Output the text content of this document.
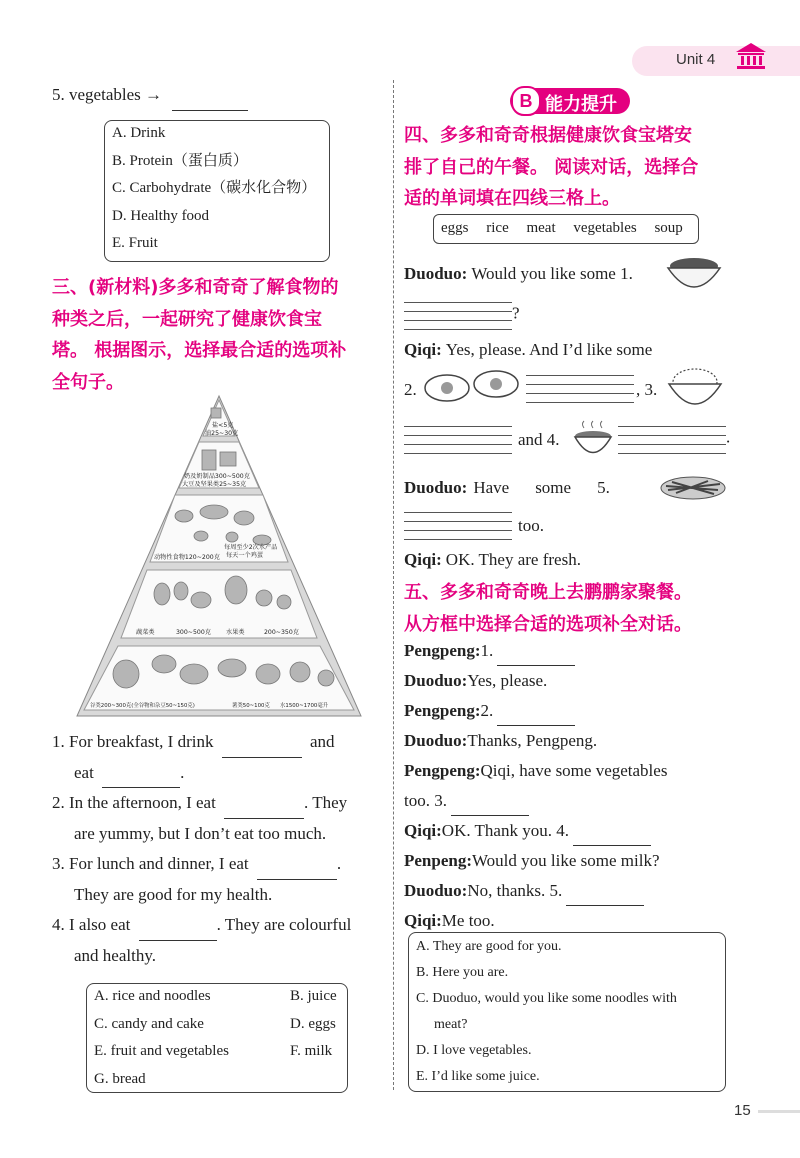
Unit 4
5. vegetables →
A. Drink
B. Protein（蛋白质）
C. Carbohydrate（碳水化合物）
D. Healthy food
E. Fruit
三、(新材料)多多和奇奇了解食物的
种类之后，一起研究了健康饮食宝
塔。 根据图示，选择最合适的选项补
全句子。
盐<5克
油25~30克
奶及奶制品300~500克
大豆及坚果类25~35克
动物性食物120~200克
每周至少2次水产品
每天一个鸡蛋
蔬菜类	300~500克 水果类	200~350克
谷类200~300克(全谷物和杂豆50~150克)	薯类50~100克 水1500~1700毫升
1. For breakfast, I drink	and
eat	.
2. In the afternoon, I eat	. They
are yummy, but I don’t eat too much.
3. For lunch and dinner, I eat	.
They are good for my health.
4. I also eat	. They are colourful
and healthy.
A. rice and noodles	B. juice
C. candy and cake	D. eggs
E. fruit and vegetables	F. milk
G. bread
B 能力提升
四、多多和奇奇根据健康饮食宝塔安
排了自己的午餐。 阅读对话，选择合
适的单词填在四线三格上。
eggs rice meat vegetables soup
Duoduo: Would you like some 1.
?
Qiqi: Yes, please. And I’d like some
2.	, 3.
and 4.	.
Duoduo: Have some 5.
too.
Qiqi: OK. They are fresh.
五、多多和奇奇晚上去鹏鹏家聚餐。
从方框中选择合适的选项补全对话。
Pengpeng:1.
Duoduo:Yes, please.
Pengpeng:2.
Duoduo:Thanks, Pengpeng.
Pengpeng:Qiqi, have some vegetables
too. 3.
Qiqi:OK. Thank you. 4.
Penpeng:Would you like some milk?
Duoduo:No, thanks. 5.
Qiqi:Me too.
A. They are good for you.
B. Here you are.
C. Duoduo, would you like some noodles with
meat?
D. I love vegetables.
E. I’d like some juice.
15
